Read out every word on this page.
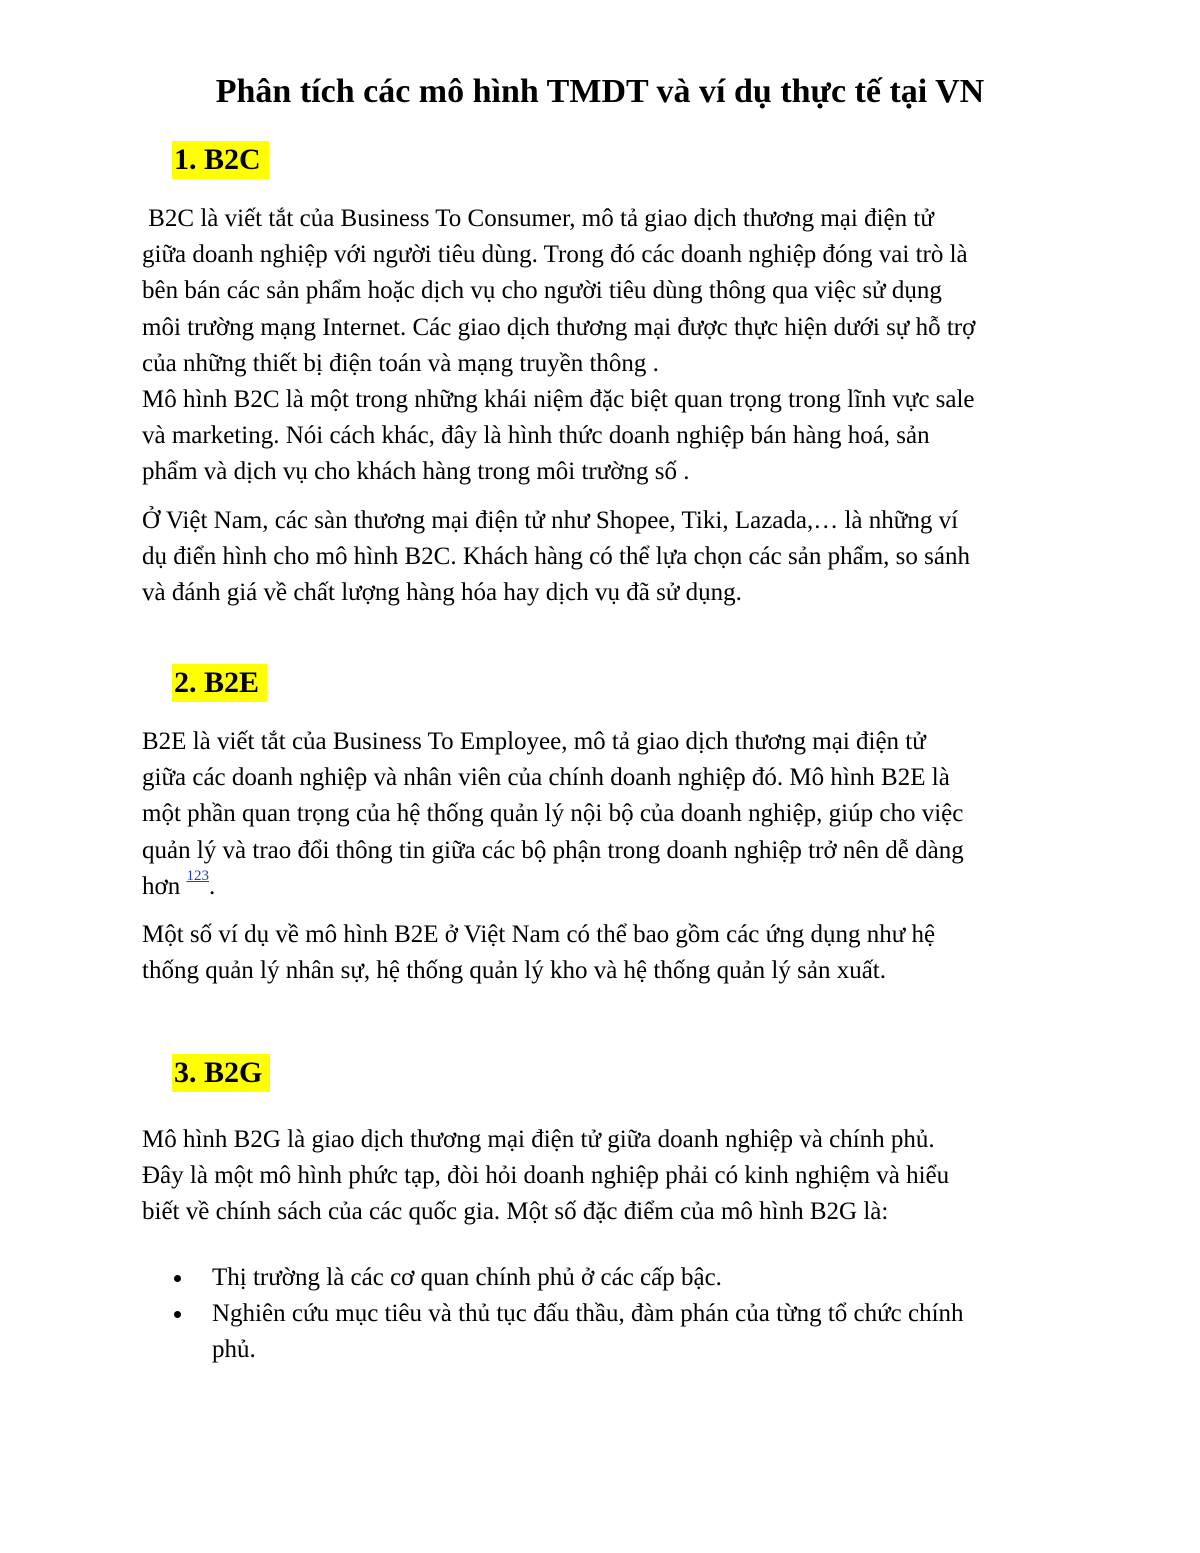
Phân tích các mô hình TMDT và ví dụ thực tế tại VN
1. B2C

B2C là viết tắt của Business To Consumer, mô tả giao dịch thương mại điện tử
giữa doanh nghiệp với người tiêu dùng. Trong đó các doanh nghiệp đóng vai trò là
bên bán các sản phẩm hoặc dịch vụ cho người tiêu dùng thông qua việc sử dụng
môi trường mạng Internet. Các giao dịch thương mại được thực hiện dưới sự hỗ trợ
của những thiết bị điện toán và mạng truyền thông .

Mô hình B2C là một trong những khái niệm đặc biệt quan trọng trong lĩnh vực sale
và marketing. Nói cách khác, đây là hình thức doanh nghiệp bán hàng hoá, sản
phẩm và dịch vụ cho khách hàng trong môi trường số .

Ở Việt Nam, các sàn thương mại điện tử như Shopee, Tiki, Lazada,… là những ví
dụ điển hình cho mô hình B2C. Khách hàng có thể lựa chọn các sản phẩm, so sánh
và đánh giá về chất lượng hàng hóa hay dịch vụ đã sử dụng.

2. B2E

B2E là viết tắt của Business To Employee, mô tả giao dịch thương mại điện tử
giữa các doanh nghiệp và nhân viên của chính doanh nghiệp đó. Mô hình B2E là
một phần quan trọng của hệ thống quản lý nội bộ của doanh nghiệp, giúp cho việc
quản lý và trao đổi thông tin giữa các bộ phận trong doanh nghiệp trở nên dễ dàng
hơn $^{123}$.

Một số ví dụ về mô hình B2E ở Việt Nam có thể bao gồm các ứng dụng như hệ
thống quản lý nhân sự, hệ thống quản lý kho và hệ thống quản lý sản xuất.

3. B2G

Mô hình B2G là giao dịch thương mại điện tử giữa doanh nghiệp và chính phủ.
Đây là một mô hình phức tạp, đòi hỏi doanh nghiệp phải có kinh nghiệm và hiểu
biết về chính sách của các quốc gia. Một số đặc điểm của mô hình B2G là:

Thị trường là các cơ quan chính phủ ở các cấp bậc.
Nghiên cứu mục tiêu và thủ tục đấu thầu, đàm phán của từng tổ chức chính
phủ.
